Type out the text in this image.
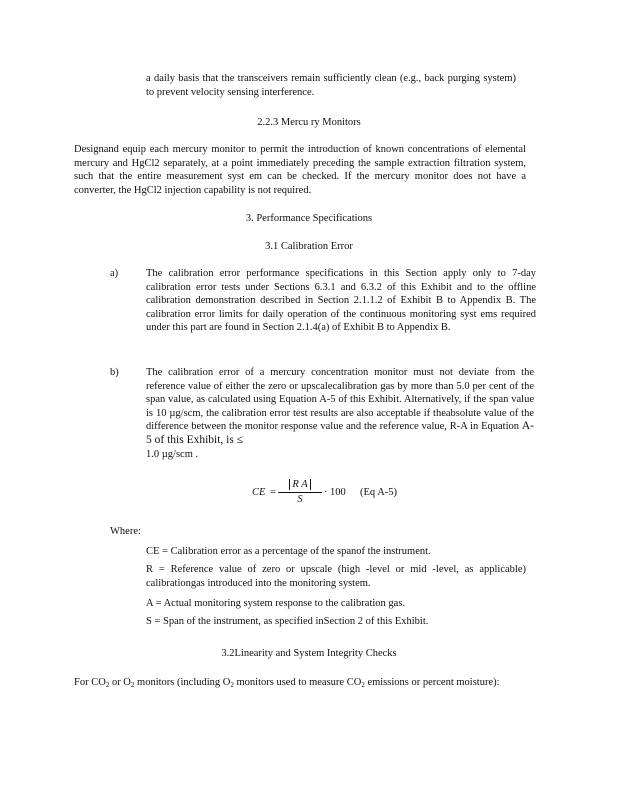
a daily basis that the transceivers remain sufficiently clean (e.g., back purging system) to prevent velocity sensing interference.

2.2.3 Mercu ry Monitors

Designand equip each mercury monitor to permit the introduction of known concentrations of elemental mercury and HgCl2 separately, at a point immediately preceding the sample extraction filtration system, such that the entire measurement syst em can be checked. If the mercury monitor does not have a converter, the HgCl2 injection capability is not required.

3. Performance Specifications

3.1 Calibration Error

a)	The calibration error performance specifications in this Section apply only to 7-day calibration error tests under Sections 6.3.1 and 6.3.2 of this Exhibit and to the offline calibration demonstration described in Section 2.1.1.2 of Exhibit B to Appendix B. The calibration error limits for daily operation of the continuous monitoring syst ems required under this part are found in Section 2.1.4(a) of Exhibit B to Appendix B.

b)	The calibration error of a mercury concentration monitor must not deviate from the reference value of either the zero or upscalecalibration gas by more than 5.0 per cent of the span value, as calculated using Equation A-5 of this Exhibit. Alternatively, if the span value is 10 µg/scm, the calibration error test results are also acceptable if theabsolute value of the difference between the monitor response value and the reference value, R-A in Equation A-5 of this Exhibit, is ≤
1.0 µg/scm .
CE = $\frac{\text{R A}}{S} \cdot 100$ (Eq A-5)

Where:

CE = Calibration error as a percentage of the spanof the instrument.

R = Reference value of zero or upscale (high -level or mid -level, as applicable) calibrationgas introduced into the monitoring system.

A = Actual monitoring system response to the calibration gas.

S = Span of the instrument, as specified inSection 2 of this Exhibit.

3.2Linearity and System Integrity Checks

For $CO_2$ or $O_2$ monitors (including $O_2$ monitors used to measure $CO_2$ emissions or percent moisture):
